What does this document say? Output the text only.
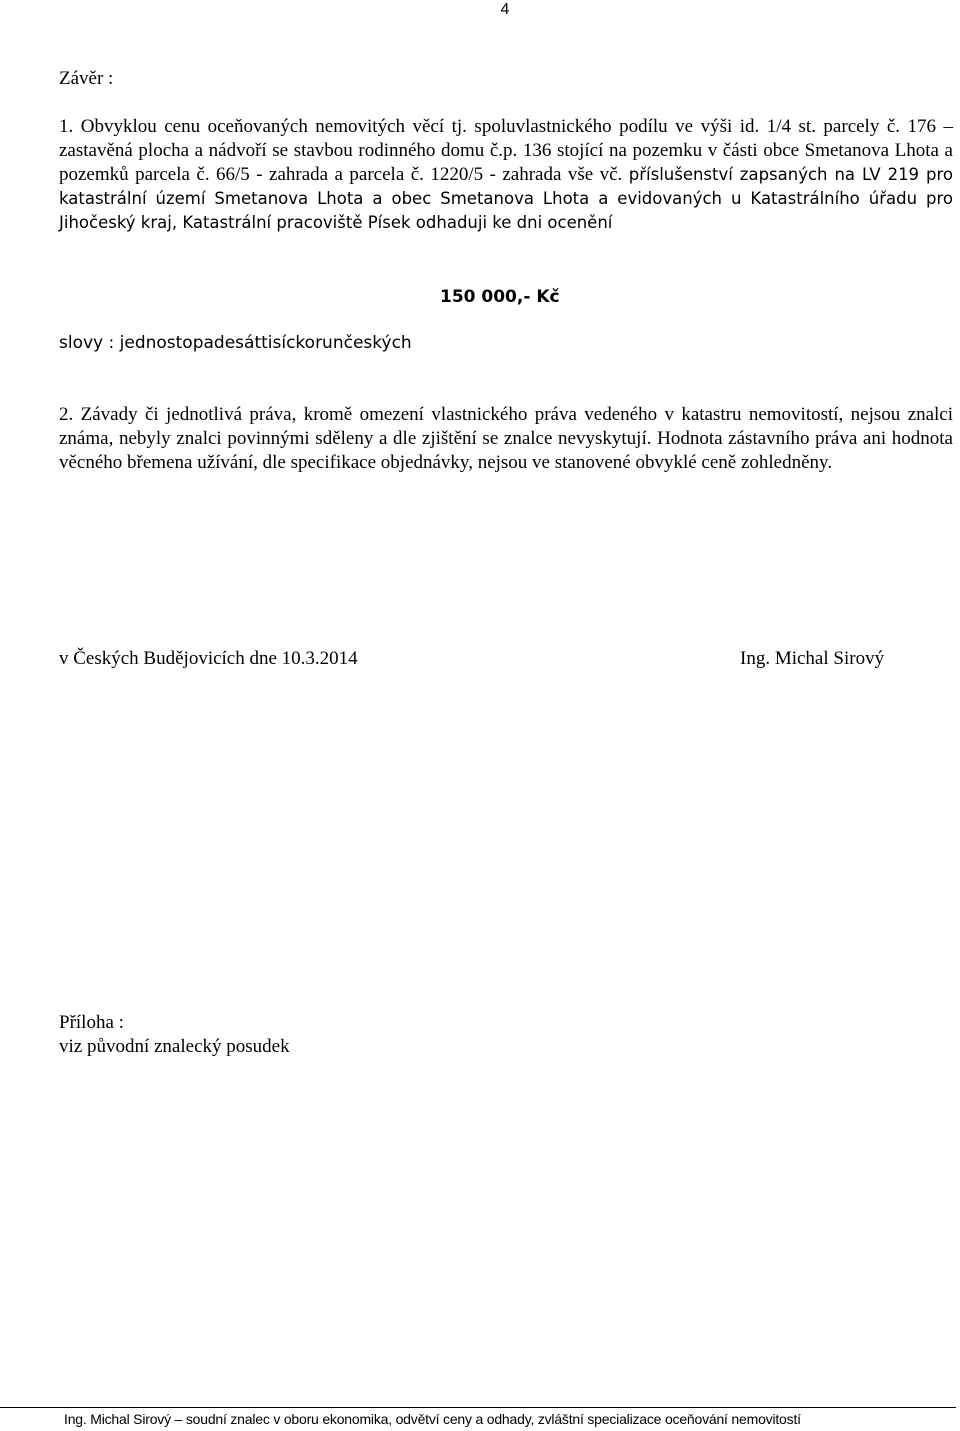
4
Závěr :
1. Obvyklou cenu oceňovaných nemovitých věcí tj. spoluvlastnického podílu ve výši id. 1/4 st. parcely č. 176 – zastavěná plocha a nádvoří se stavbou rodinného domu č.p. 136 stojící na pozemku v části obce Smetanova Lhota a pozemků parcela č. 66/5 - zahrada a parcela č. 1220/5 - zahrada vše vč. příslušenství zapsaných na LV 219 pro katastrální území Smetanova Lhota a obec Smetanova Lhota a evidovaných u Katastrálního úřadu pro Jihočeský kraj, Katastrální pracoviště Písek odhaduji ke dni ocenění
150 000,- Kč
slovy : jednostopadesáttisíckorunčeských
2. Závady či jednotlivá práva, kromě omezení vlastnického práva vedeného v katastru nemovitostí, nejsou znalci známa, nebyly znalci povinnými sděleny a dle zjištění se znalce nevyskytují. Hodnota zástavního práva ani hodnota věcného břemena užívání, dle specifikace objednávky, nejsou ve stanovené obvyklé ceně zohledněny.
v Českých Budějovicích dne 10.3.2014	Ing. Michal Sirový
Příloha :
viz původní znalecký posudek
Ing. Michal Sirový – soudní znalec v oboru ekonomika, odvětví ceny a odhady, zvláštní specializace oceňování nemovitostí
